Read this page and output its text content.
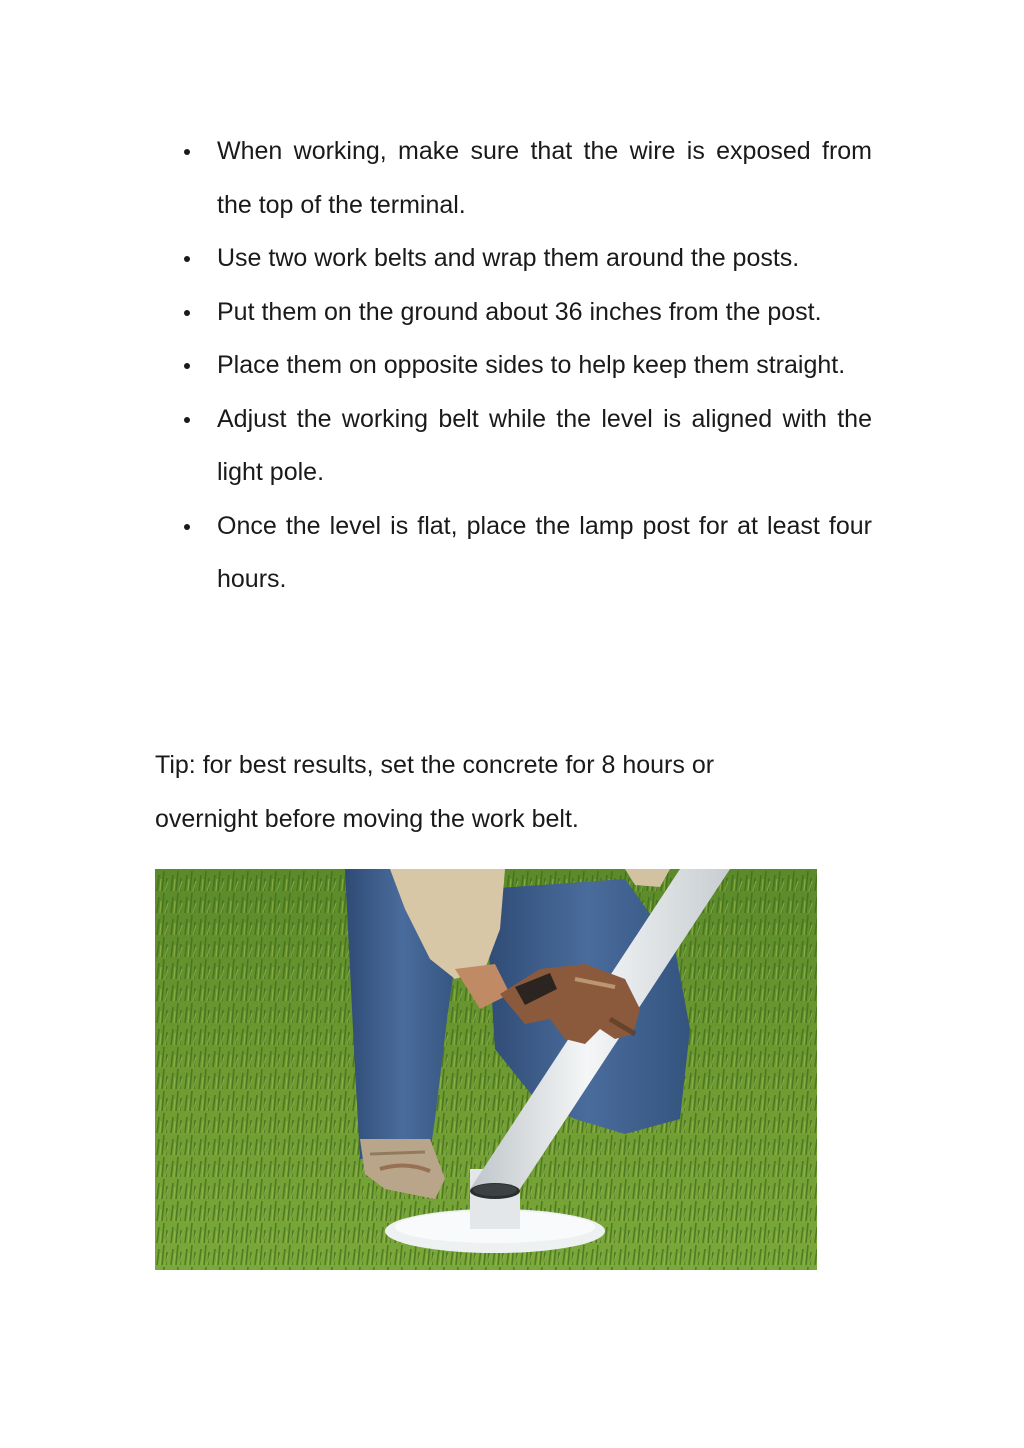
When working, make sure that the wire is exposed from the top of the terminal.
Use two work belts and wrap them around the posts.
Put them on the ground about 36 inches from the post.
Place them on opposite sides to help keep them straight.
Adjust the working belt while the level is aligned with the light pole.
Once the level is flat, place the lamp post for at least four hours.

Tip: for best results, set the concrete for 8 hours or
overnight before moving the work belt.
